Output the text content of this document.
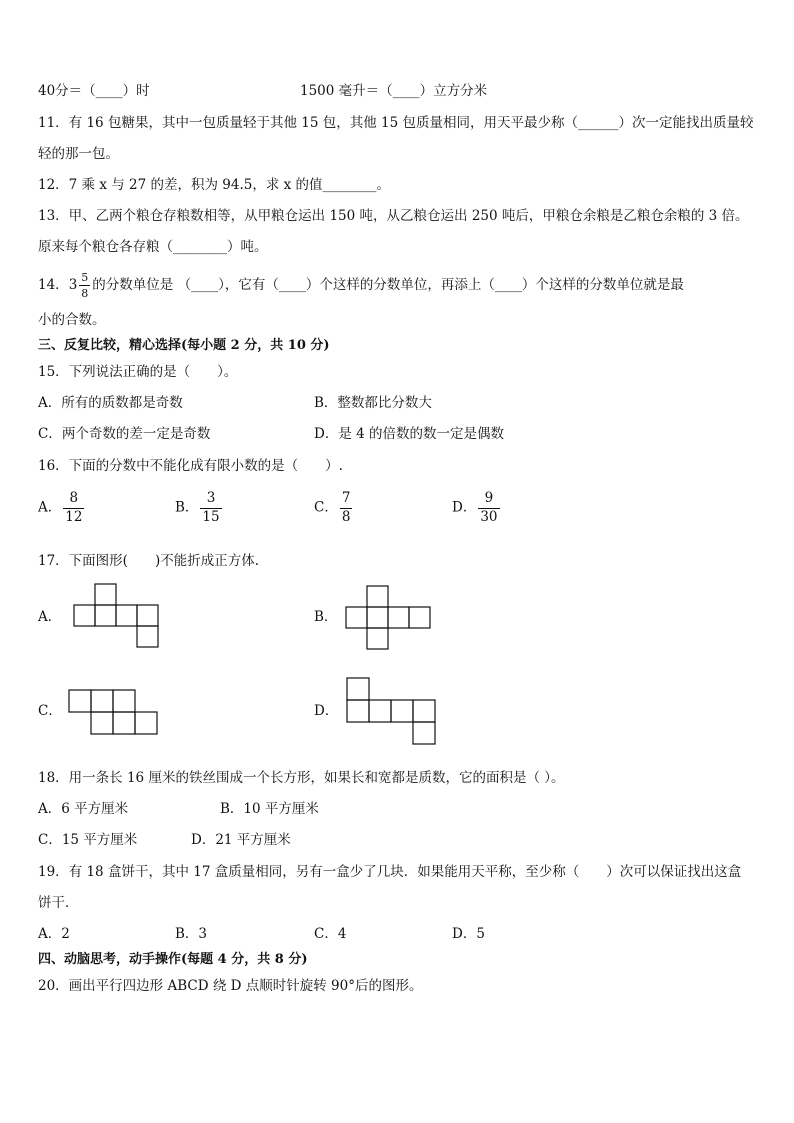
40分＝（____）时	1500 毫升＝（____）立方分米
11．有 16 包糖果，其中一包质量轻于其他 15 包，其他 15 包质量相同，用天平最少称（______）次一定能找出质量较
轻的那一包。
12．7 乘 x 与 27 的差，积为 94.5，求 x 的值________。
13．甲、乙两个粮仓存粮数相等，从甲粮仓运出 150 吨，从乙粮仓运出 250 吨后，甲粮仓余粮是乙粮仓余粮的 3 倍。
原来每个粮仓各存粮（________）吨。
14．$3 \frac{5}{8}$ 的分数单位是 （____），它有（____）个这样的分数单位，再添上（____）个这样的分数单位就是最
小的合数。
三、反复比较，精心选择(每小题 2 分，共 10 分)
15．下列说法正确的是（　　）。
A．所有的质数都是奇数	B．整数都比分数大
C．两个奇数的差一定是奇数	D．是 4 的倍数的数一定是偶数
16．下面的分数中不能化成有限小数的是（　　）.
A． $\frac{8}{12}$	B． $\frac{3}{15}$	C． $\frac{7}{8}$	D． $\frac{9}{30}$
17．下面图形(　　)不能折成正方体.
A．	B．
C．	D．
18．用一条长 16 厘米的铁丝围成一个长方形，如果长和宽都是质数，它的面积是（ ）。
A．6 平方厘米	B．10 平方厘米
C．15 平方厘米	D．21 平方厘米
19．有 18 盒饼干，其中 17 盒质量相同，另有一盒少了几块．如果能用天平称，至少称（　　）次可以保证找出这盒
饼干．
A．2	B．3	C．4	D．5
四、动脑思考，动手操作(每题 4 分，共 8 分)
20．画出平行四边形 ABCD 绕 D 点顺时针旋转 90°后的图形。
